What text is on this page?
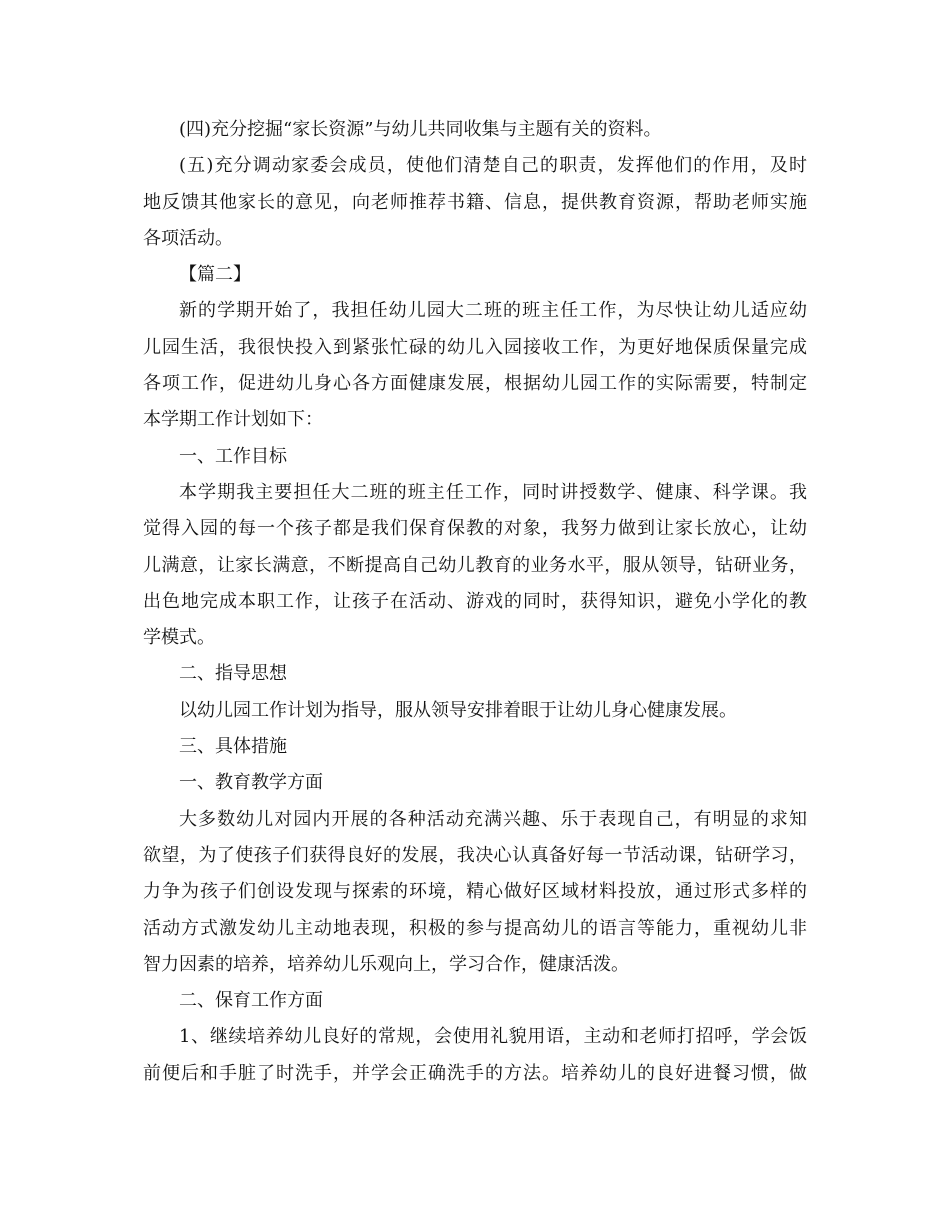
(四)充分挖掘“家长资源”与幼儿共同收集与主题有关的资料。
(五)充分调动家委会成员，使他们清楚自己的职责，发挥他们的作用，及时
地反馈其他家长的意见，向老师推荐书籍、信息，提供教育资源，帮助老师实施
各项活动。
【篇二】
新的学期开始了，我担任幼儿园大二班的班主任工作，为尽快让幼儿适应幼
儿园生活，我很快投入到紧张忙碌的幼儿入园接收工作，为更好地保质保量完成
各项工作，促进幼儿身心各方面健康发展，根据幼儿园工作的实际需要，特制定
本学期工作计划如下：
一、工作目标
本学期我主要担任大二班的班主任工作，同时讲授数学、健康、科学课。我
觉得入园的每一个孩子都是我们保育保教的对象，我努力做到让家长放心，让幼
儿满意，让家长满意，不断提高自己幼儿教育的业务水平，服从领导，钻研业务，
出色地完成本职工作，让孩子在活动、游戏的同时，获得知识，避免小学化的教
学模式。
二、指导思想
以幼儿园工作计划为指导，服从领导安排着眼于让幼儿身心健康发展。
三、具体措施
一、教育教学方面
大多数幼儿对园内开展的各种活动充满兴趣、乐于表现自己，有明显的求知
欲望，为了使孩子们获得良好的发展，我决心认真备好每一节活动课，钻研学习，
力争为孩子们创设发现与探索的环境，精心做好区域材料投放，通过形式多样的
活动方式激发幼儿主动地表现，积极的参与提高幼儿的语言等能力，重视幼儿非
智力因素的培养，培养幼儿乐观向上，学习合作，健康活泼。
二、保育工作方面
1、继续培养幼儿良好的常规，会使用礼貌用语，主动和老师打招呼，学会饭
前便后和手脏了时洗手，并学会正确洗手的方法。培养幼儿的良好进餐习惯，做
